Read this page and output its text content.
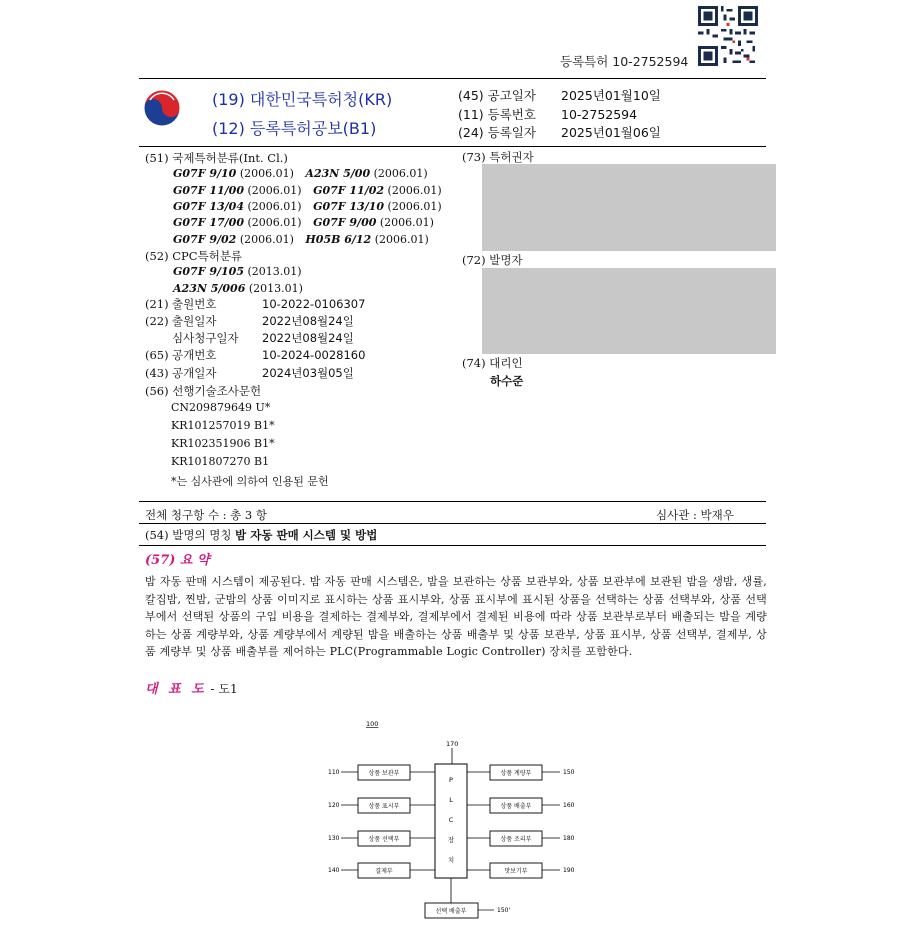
등록특허 10-2752594
(19) 대한민국특허청(KR)
(12) 등록특허공보(B1)
(45) 공고일자 2025년01월10일
(11) 등록번호 10-2752594
(24) 등록일자 2025년01월06일
(51) 국제특허분류(Int. Cl.)
G07F 9/10 (2006.01) A23N 5/00 (2006.01)
G07F 11/00 (2006.01) G07F 11/02 (2006.01)
G07F 13/04 (2006.01) G07F 13/10 (2006.01)
G07F 17/00 (2006.01) G07F 9/00 (2006.01)
G07F 9/02 (2006.01) H05B 6/12 (2006.01)
(52) CPC특허분류
G07F 9/105 (2013.01)
A23N 5/006 (2013.01)
(21) 출원번호	10-2022-0106307
(22) 출원일자	2022년08월24일
심사청구일자 2022년08월24일
(65) 공개번호	10-2024-0028160
(43) 공개일자	2024년03월05일
(56) 선행기술조사문헌
CN209879649 U*
KR101257019 B1*
KR102351906 B1*
KR101807270 B1
*는 심사관에 의하여 인용된 문헌
(73) 특허권자
(72) 발명자
(74) 대리인
하수준
전체 청구항 수 : 총 3 항	심사관 : 박재우
(54) 발명의 명칭 밤 자동 판매 시스템 및 방법
(57) 요 약
밤 자동 판매 시스템이 제공된다. 밤 자동 판매 시스템은, 밤을 보관하는 상품 보관부와, 상품 보관부에 보관된 밤을 생밤, 생률, 칼집밤, 찐밤, 군밤의 상품 이미지로 표시하는 상품 표시부와, 상품 표시부에 표시된 상품을 선택하는 상품 선택부와, 상품 선택부에서 선택된 상품의 구입 비용을 결제하는 결제부와, 결제부에서 결제된 비용에 따라 상품 보관부로부터 배출되는 밤을 계량하는 상품 계량부와, 상품 계량부에서 계량된 밤을 배출하는 상품 배출부 및 상품 보관부, 상품 표시부, 상품 선택부, 결제부, 상품 계량부 및 상품 배출부를 제어하는 PLC(Programmable Logic Controller) 장치를 포함한다.
대 표 도 - 도1
100
170
P
L
C
장
치
110	상품 보관부
120	상품 표시부
130	상품 선택부
140	결제부
상품 계량부	150
상품 배출부	160
상품 조리부	180
맛보기부	190
선택 배출부	150'
